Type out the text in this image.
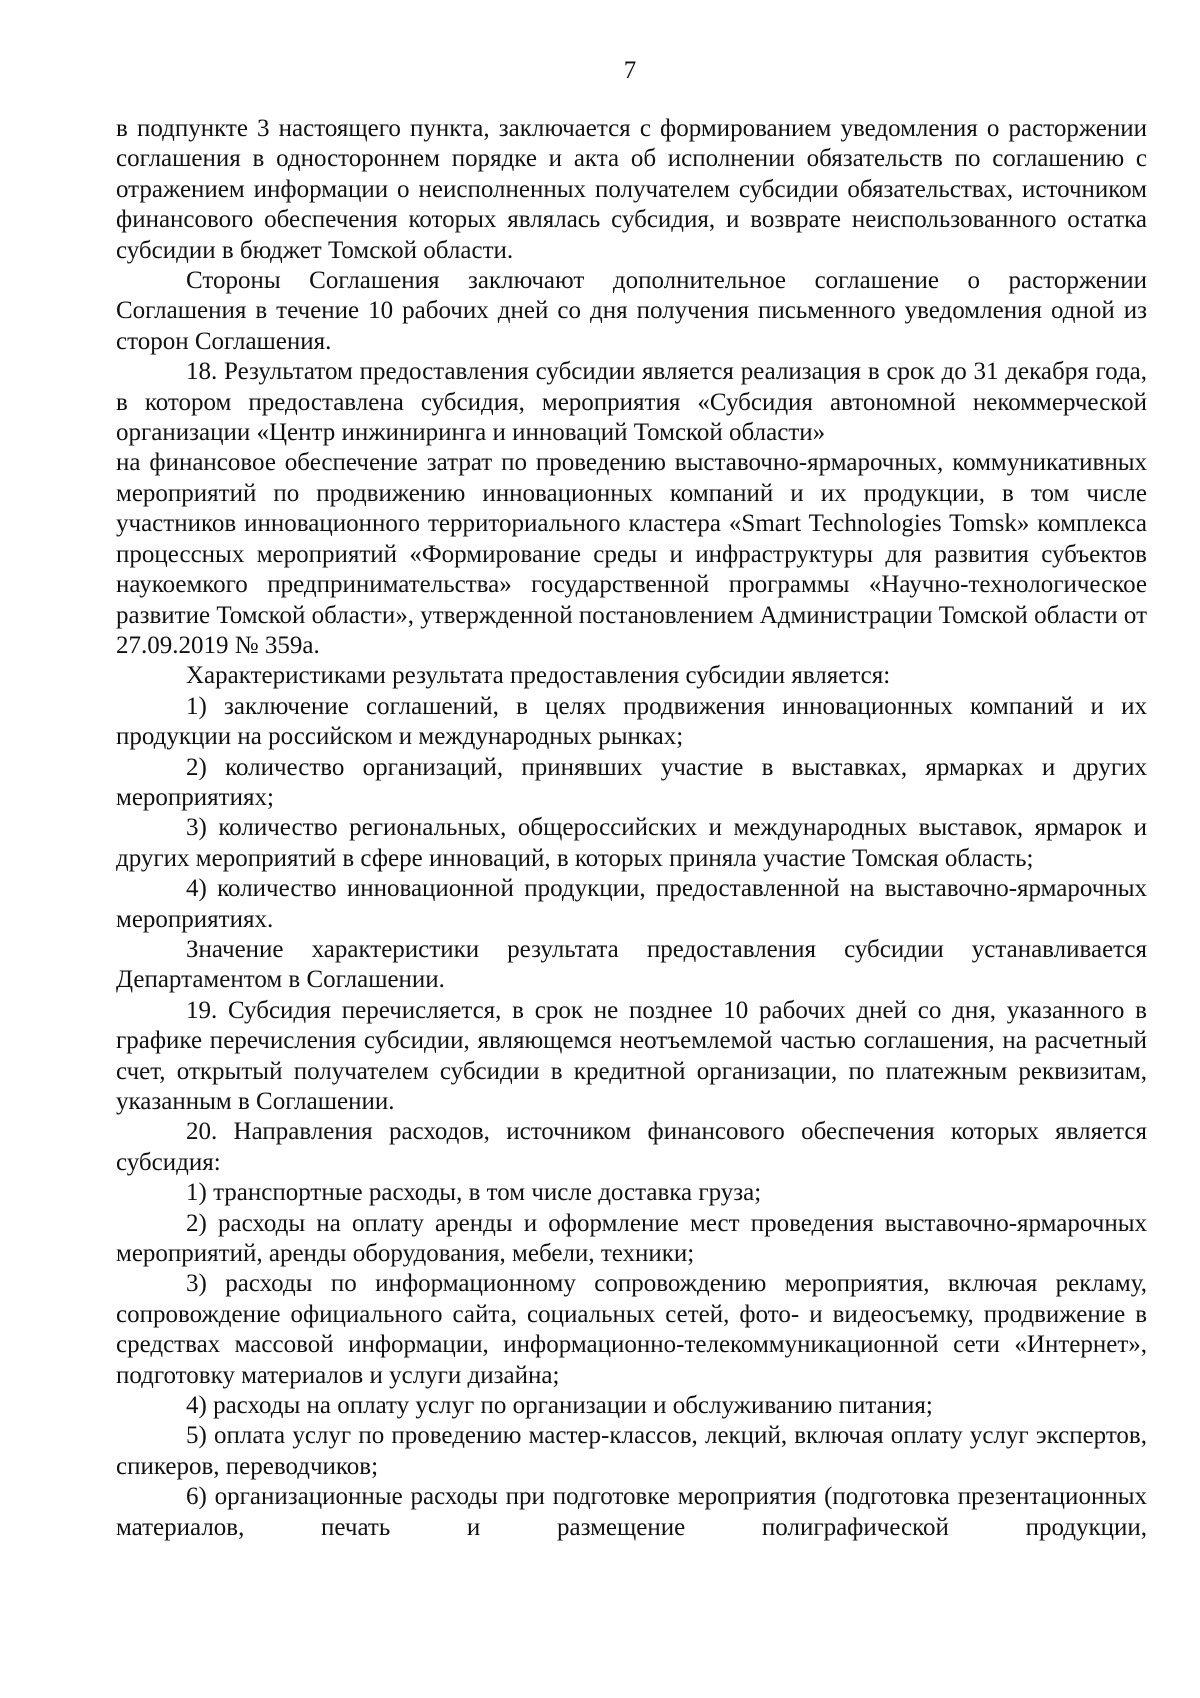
7

в подпункте 3 настоящего пункта, заключается с формированием уведомления о расторжении соглашения в одностороннем порядке и акта об исполнении обязательств по соглашению с отражением информации о неисполненных получателем субсидии обязательствах, источником финансового обеспечения которых являлась субсидия, и возврате неиспользованного остатка субсидии в бюджет Томской области.

Стороны Соглашения заключают дополнительное соглашение о расторжении Соглашения в течение 10 рабочих дней со дня получения письменного уведомления одной из сторон Соглашения.

18. Результатом предоставления субсидии является реализация в срок до 31 декабря года, в котором предоставлена субсидия, мероприятия «Субсидия автономной некоммерческой организации «Центр инжиниринга и инноваций Томской области»

на финансовое обеспечение затрат по проведению выставочно-ярмарочных, коммуникативных мероприятий по продвижению инновационных компаний и их продукции, в том числе участников инновационного территориального кластера «Smart Technologies Tomsk» комплекса процессных мероприятий «Формирование среды и инфраструктуры для развития субъектов наукоемкого предпринимательства» государственной программы «Научно-технологическое развитие Томской области», утвержденной постановлением Администрации Томской области от 27.09.2019 № 359а.

Характеристиками результата предоставления субсидии является:

1) заключение соглашений, в целях продвижения инновационных компаний и их продукции на российском и международных рынках;

2) количество организаций, принявших участие в выставках, ярмарках и других мероприятиях;

3) количество региональных, общероссийских и международных выставок, ярмарок и других мероприятий в сфере инноваций, в которых приняла участие Томская область;

4) количество инновационной продукции, предоставленной на выставочно-ярмарочных мероприятиях.

Значение характеристики результата предоставления субсидии устанавливается Департаментом в Соглашении.

19. Субсидия перечисляется, в срок не позднее 10 рабочих дней со дня, указанного в графике перечисления субсидии, являющемся неотъемлемой частью соглашения, на расчетный счет, открытый получателем субсидии в кредитной организации, по платежным реквизитам, указанным в Соглашении.

20. Направления расходов, источником финансового обеспечения которых является субсидия:

1) транспортные расходы, в том числе доставка груза;

2) расходы на оплату аренды и оформление мест проведения выставочно-ярмарочных мероприятий, аренды оборудования, мебели, техники;

3) расходы по информационному сопровождению мероприятия, включая рекламу, сопровождение официального сайта, социальных сетей, фото- и видеосъемку, продвижение в средствах массовой информации, информационно-телекоммуникационной сети «Интернет», подготовку материалов и услуги дизайна;

4) расходы на оплату услуг по организации и обслуживанию питания;

5) оплата услуг по проведению мастер-классов, лекций, включая оплату услуг экспертов, спикеров, переводчиков;

6) организационные расходы при подготовке мероприятия (подготовка презентационных материалов, печать и размещение полиграфической продукции,
